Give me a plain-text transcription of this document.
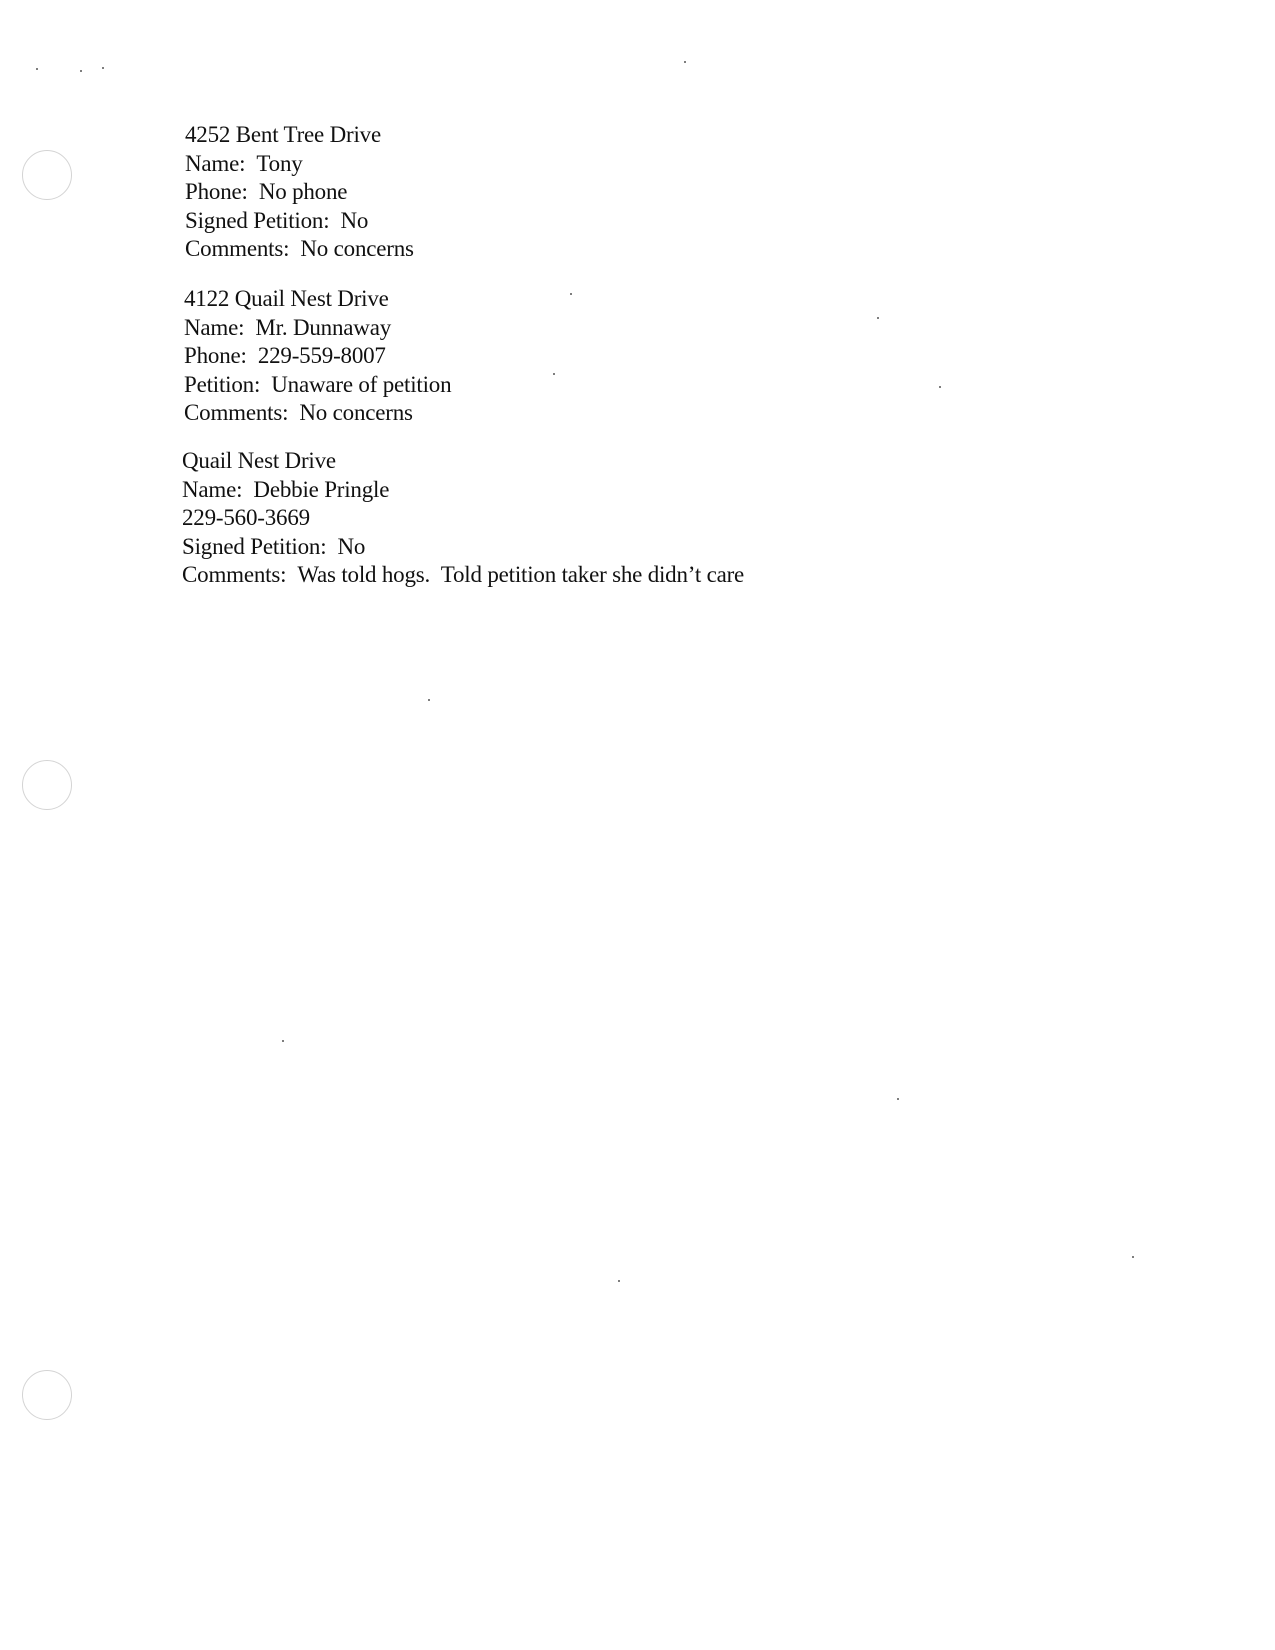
4252 Bent Tree Drive
Name: Tony
Phone: No phone
Signed Petition: No
Comments: No concerns
4122 Quail Nest Drive
Name: Mr. Dunnaway
Phone: 229-559-8007
Petition: Unaware of petition
Comments: No concerns
Quail Nest Drive
Name: Debbie Pringle
229-560-3669
Signed Petition: No
Comments: Was told hogs.  Told petition taker she didn’t care
